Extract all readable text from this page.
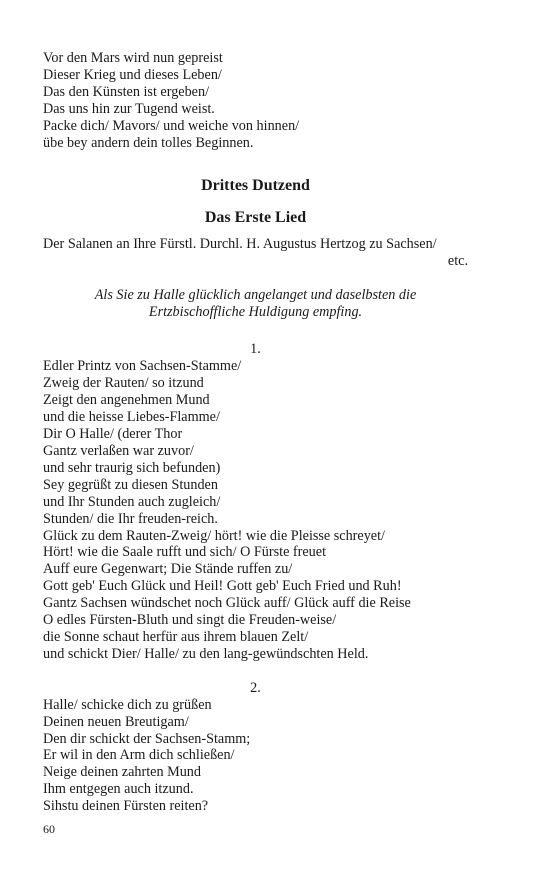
Vor den Mars wird nun gepreist
Dieser Krieg und dieses Leben/
Das den Künsten ist ergeben/
Das uns hin zur Tugend weist.
Packe dich/ Mavors/ und weiche von hinnen/
übe bey andern dein tolles Beginnen.
Drittes Dutzend
Das Erste Lied
Der Salanen an Ihre Fürstl. Durchl. H. Augustus Hertzog zu Sachsen/
etc.
Als Sie zu Halle glücklich angelanget und daselbsten die
Ertzbischoffliche Huldigung empfing.
1.
Edler Printz von Sachsen-Stamme/
Zweig der Rauten/ so itzund
Zeigt den angenehmen Mund
und die heisse Liebes-Flamme/
Dir O Halle/ (derer Thor
Gantz verlaßen war zuvor/
und sehr traurig sich befunden)
Sey gegrüßt zu diesen Stunden
und Ihr Stunden auch zugleich/
Stunden/ die Ihr freuden-reich.
Glück zu dem Rauten-Zweig/ hört! wie die Pleisse schreyet/
Hört! wie die Saale rufft und sich/ O Fürste freuet
Auff eure Gegenwart; Die Stände ruffen zu/
Gott geb' Euch Glück und Heil! Gott geb' Euch Fried und Ruh!
Gantz Sachsen wündschet noch Glück auff/ Glück auff die Reise
O edles Fürsten-Bluth und singt die Freuden-weise/
die Sonne schaut herfür aus ihrem blauen Zelt/
und schickt Dier/ Halle/ zu den lang-gewündschten Held.
2.
Halle/ schicke dich zu grüßen
Deinen neuen Breutigam/
Den dir schickt der Sachsen-Stamm;
Er wil in den Arm dich schließen/
Neige deinen zahrten Mund
Ihm entgegen auch itzund.
Sihstu deinen Fürsten reiten?
60
